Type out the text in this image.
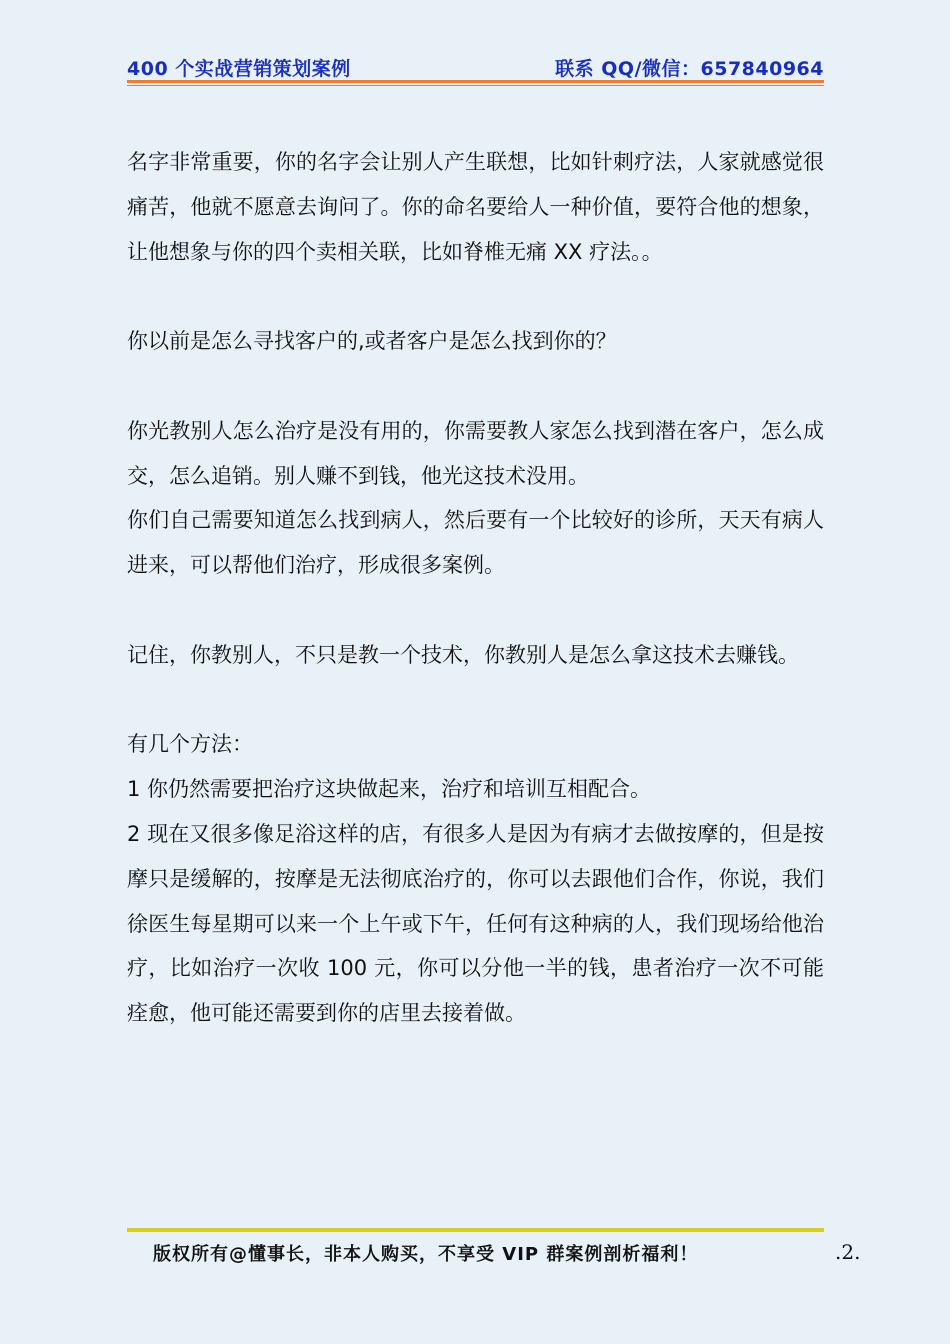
400 个实战营销策划案例	联系 QQ/微信：657840964

名字非常重要，你的名字会让别人产生联想，比如针刺疗法，人家就感觉很痛苦，他就不愿意去询问了。你的命名要给人一种价值，要符合他的想象，让他想象与你的四个卖相关联，比如脊椎无痛 XX 疗法。。

你以前是怎么寻找客户的,或者客户是怎么找到你的？

你光教别人怎么治疗是没有用的，你需要教人家怎么找到潜在客户，怎么成交，怎么追销。别人赚不到钱，他光这技术没用。

你们自己需要知道怎么找到病人，然后要有一个比较好的诊所，天天有病人进来，可以帮他们治疗，形成很多案例。

记住，你教别人，不只是教一个技术，你教别人是怎么拿这技术去赚钱。

有几个方法：

1 你仍然需要把治疗这块做起来，治疗和培训互相配合。

2 现在又很多像足浴这样的店，有很多人是因为有病才去做按摩的，但是按摩只是缓解的，按摩是无法彻底治疗的，你可以去跟他们合作，你说，我们徐医生每星期可以来一个上午或下午，任何有这种病的人，我们现场给他治疗，比如治疗一次收 100 元，你可以分他一半的钱，患者治疗一次不可能痊愈，他可能还需要到你的店里去接着做。

版权所有@懂事长，非本人购买，不享受 VIP 群案例剖析福利！	.2.
